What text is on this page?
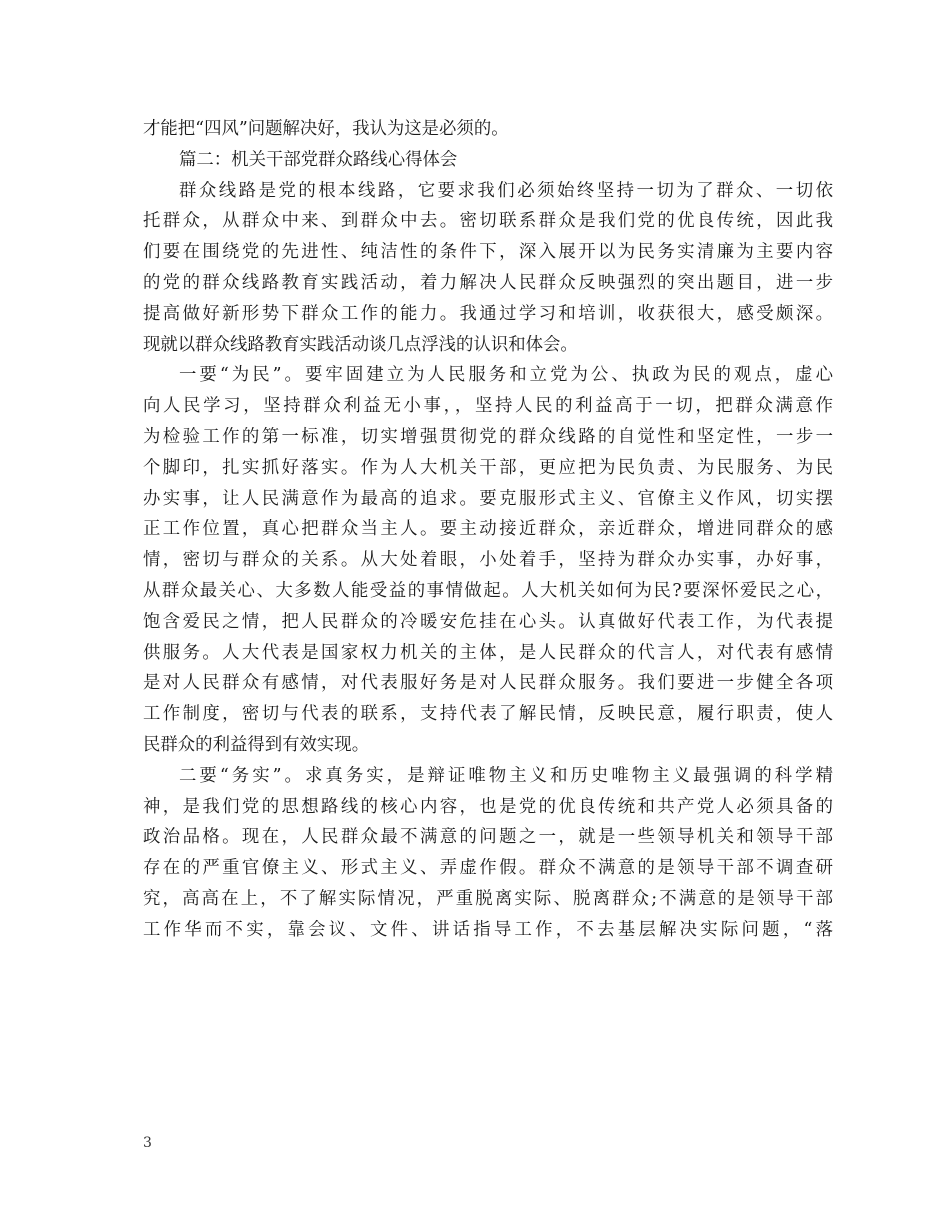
才能把“四风”问题解决好，我认为这是必须的。
篇二：机关干部党群众路线心得体会
群众线路是党的根本线路，它要求我们必须始终坚持一切为了群众、一切依
托群众，从群众中来、到群众中去。密切联系群众是我们党的优良传统，因此我
们要在围绕党的先进性、纯洁性的条件下，深入展开以为民务实清廉为主要内容
的党的群众线路教育实践活动，着力解决人民群众反映强烈的突出题目，进一步
提高做好新形势下群众工作的能力。我通过学习和培训，收获很大，感受颇深。
现就以群众线路教育实践活动谈几点浮浅的认识和体会。
一要“为民”。要牢固建立为人民服务和立党为公、执政为民的观点，虚心
向人民学习，坚持群众利益无小事，，坚持人民的利益高于一切，把群众满意作
为检验工作的第一标准，切实增强贯彻党的群众线路的自觉性和坚定性，一步一
个脚印，扎实抓好落实。作为人大机关干部，更应把为民负责、为民服务、为民
办实事，让人民满意作为最高的追求。要克服形式主义、官僚主义作风，切实摆
正工作位置，真心把群众当主人。要主动接近群众，亲近群众，增进同群众的感
情，密切与群众的关系。从大处着眼，小处着手，坚持为群众办实事，办好事，
从群众最关心、大多数人能受益的事情做起。人大机关如何为民?要深怀爱民之心，
饱含爱民之情，把人民群众的冷暖安危挂在心头。认真做好代表工作，为代表提
供服务。人大代表是国家权力机关的主体，是人民群众的代言人，对代表有感情
是对人民群众有感情，对代表服好务是对人民群众服务。我们要进一步健全各项
工作制度，密切与代表的联系，支持代表了解民情，反映民意，履行职责，使人
民群众的利益得到有效实现。
二要“务实”。求真务实，是辩证唯物主义和历史唯物主义最强调的科学精
神，是我们党的思想路线的核心内容，也是党的优良传统和共产党人必须具备的
政治品格。现在，人民群众最不满意的问题之一，就是一些领导机关和领导干部
存在的严重官僚主义、形式主义、弄虚作假。群众不满意的是领导干部不调查研
究，高高在上，不了解实际情况，严重脱离实际、脱离群众;不满意的是领导干部
工作华而不实，靠会议、文件、讲话指导工作，不去基层解决实际问题，“落
3
